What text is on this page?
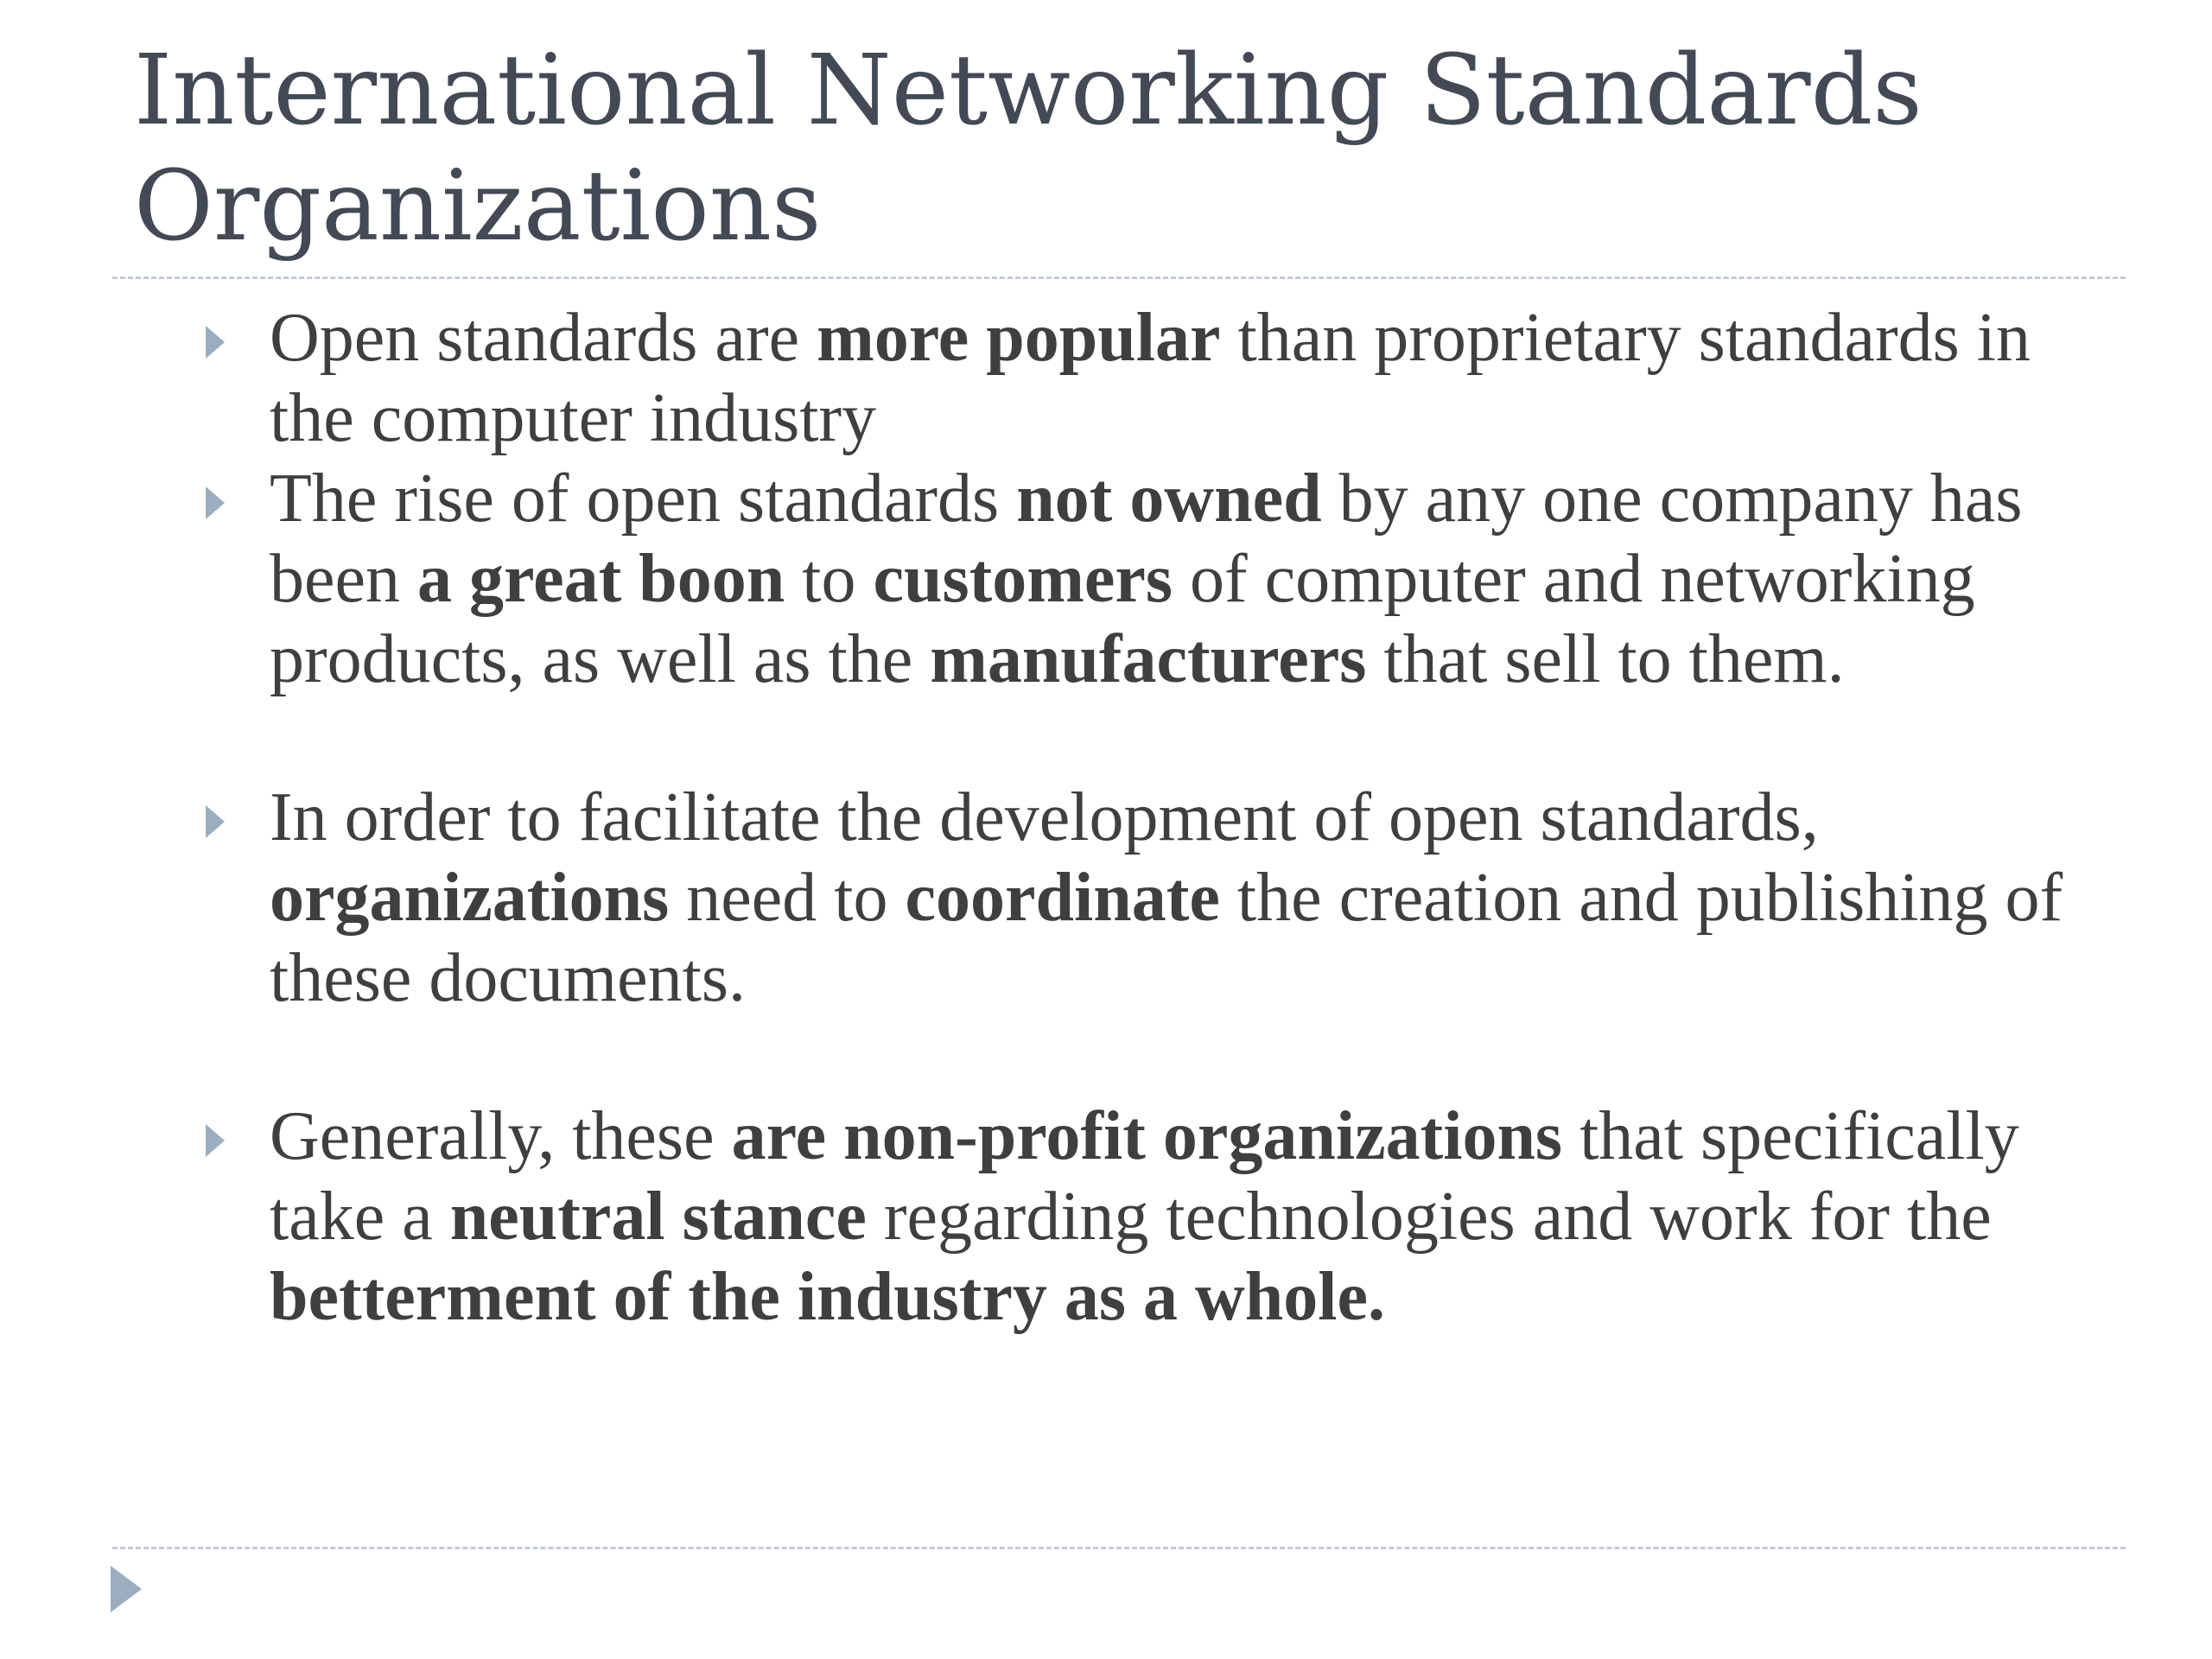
International Networking Standards
Organizations
Open standards are more popular than proprietary standards in the computer industry
The rise of open standards not owned by any one company has been a great boon to customers of computer and networking products, as well as the manufacturers that sell to them.
In order to facilitate the development of open standards, organizations need to coordinate the creation and publishing of these documents.
Generally, these are non-profit organizations that specifically take a neutral stance regarding technologies and work for the betterment of the industry as a whole.
